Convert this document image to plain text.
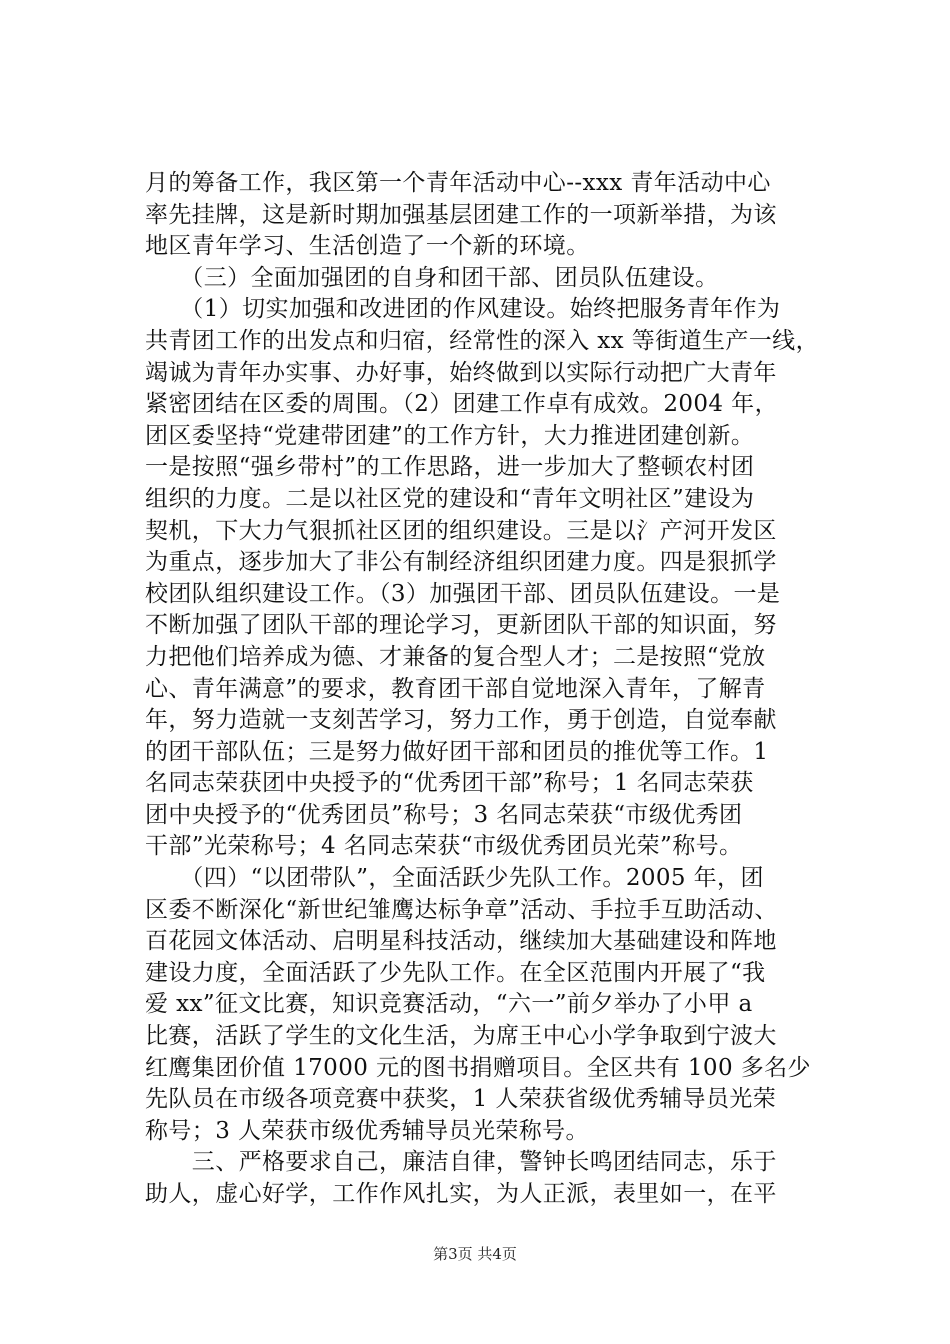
月的筹备工作，我区第一个青年活动中心--xxx 青年活动中心
率先挂牌，这是新时期加强基层团建工作的一项新举措，为该
地区青年学习、生活创造了一个新的环境。
　　（三）全面加强团的自身和团干部、团员队伍建设。
　　（1）切实加强和改进团的作风建设。始终把服务青年作为
共青团工作的出发点和归宿，经常性的深入 xx 等街道生产一线，
竭诚为青年办实事、办好事，始终做到以实际行动把广大青年
紧密团结在区委的周围。（2）团建工作卓有成效。2004 年，
团区委坚持“党建带团建”的工作方针，大力推进团建创新。
一是按照“强乡带村”的工作思路，进一步加大了整顿农村团
组织的力度。二是以社区党的建设和“青年文明社区”建设为
契机，下大力气狠抓社区团的组织建设。三是以氵产河开发区
为重点，逐步加大了非公有制经济组织团建力度。四是狠抓学
校团队组织建设工作。（3）加强团干部、团员队伍建设。一是
不断加强了团队干部的理论学习，更新团队干部的知识面，努
力把他们培养成为德、才兼备的复合型人才；二是按照“党放
心、青年满意”的要求，教育团干部自觉地深入青年，了解青
年，努力造就一支刻苦学习，努力工作，勇于创造，自觉奉献
的团干部队伍；三是努力做好团干部和团员的推优等工作。1
名同志荣获团中央授予的“优秀团干部”称号；1 名同志荣获
团中央授予的“优秀团员”称号；3 名同志荣获“市级优秀团
干部”光荣称号；4 名同志荣获“市级优秀团员光荣”称号。
　　（四）“以团带队”，全面活跃少先队工作。2005 年，团
区委不断深化“新世纪雏鹰达标争章”活动、手拉手互助活动、
百花园文体活动、启明星科技活动，继续加大基础建设和阵地
建设力度，全面活跃了少先队工作。在全区范围内开展了“我
爱 xx”征文比赛，知识竞赛活动，“六一”前夕举办了小甲 a
比赛，活跃了学生的文化生活，为席王中心小学争取到宁波大
红鹰集团价值 17000 元的图书捐赠项目。全区共有 100 多名少
先队员在市级各项竞赛中获奖，1 人荣获省级优秀辅导员光荣
称号；3 人荣获市级优秀辅导员光荣称号。
　　三、严格要求自己，廉洁自律，警钟长鸣团结同志，乐于
助人，虚心好学，工作作风扎实，为人正派，表里如一，在平
第3页 共4页
